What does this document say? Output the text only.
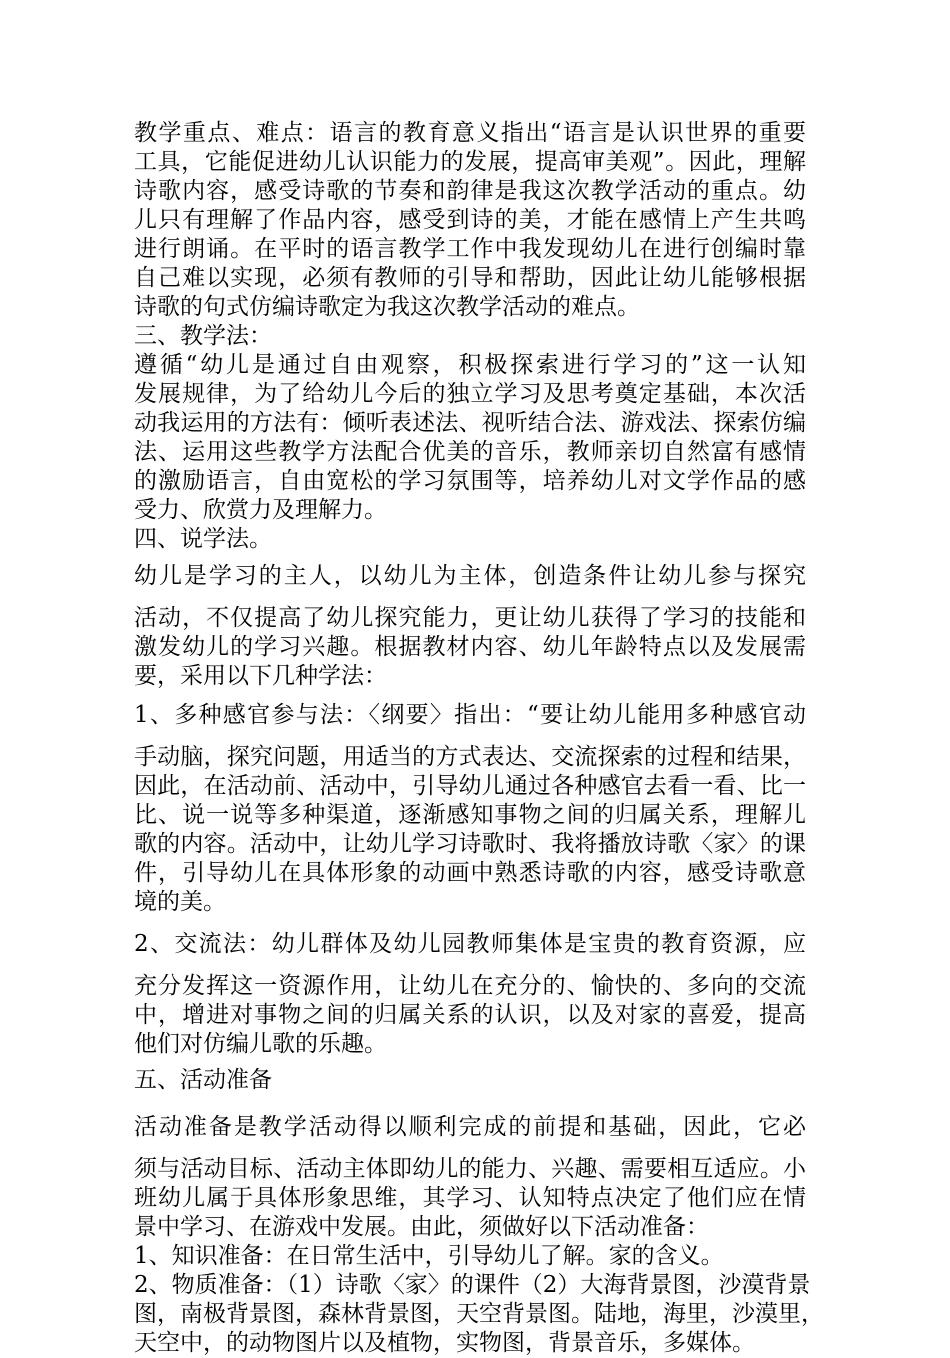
教学重点、难点：语言的教育意义指出“语言是认识世界的重要
工具，它能促进幼儿认识能力的发展，提高审美观”。因此，理解
诗歌内容，感受诗歌的节奏和韵律是我这次教学活动的重点。幼
儿只有理解了作品内容，感受到诗的美，才能在感情上产生共鸣
进行朗诵。在平时的语言教学工作中我发现幼儿在进行创编时靠
自己难以实现，必须有教师的引导和帮助，因此让幼儿能够根据
诗歌的句式仿编诗歌定为我这次教学活动的难点。
三、教学法：
遵循“幼儿是通过自由观察，积极探索进行学习的”这一认知
发展规律，为了给幼儿今后的独立学习及思考奠定基础，本次活
动我运用的方法有：倾听表述法、视听结合法、游戏法、探索仿编
法、运用这些教学方法配合优美的音乐，教师亲切自然富有感情
的激励语言，自由宽松的学习氛围等，培养幼儿对文学作品的感
受力、欣赏力及理解力。
四、说学法。
幼儿是学习的主人，以幼儿为主体，创造条件让幼儿参与探究
活动，不仅提高了幼儿探究能力，更让幼儿获得了学习的技能和
激发幼儿的学习兴趣。根据教材内容、幼儿年龄特点以及发展需
要，采用以下几种学法：
1、多种感官参与法：〈纲要〉指出：“要让幼儿能用多种感官动
手动脑，探究问题，用适当的方式表达、交流探索的过程和结果，
因此，在活动前、活动中，引导幼儿通过各种感官去看一看、比一
比、说一说等多种渠道，逐渐感知事物之间的归属关系，理解儿
歌的内容。活动中，让幼儿学习诗歌时、我将播放诗歌〈家〉的课
件，引导幼儿在具体形象的动画中熟悉诗歌的内容，感受诗歌意
境的美。
2、交流法：幼儿群体及幼儿园教师集体是宝贵的教育资源，应
充分发挥这一资源作用，让幼儿在充分的、愉快的、多向的交流
中，增进对事物之间的归属关系的认识，以及对家的喜爱，提高
他们对仿编儿歌的乐趣。
五、活动准备
活动准备是教学活动得以顺利完成的前提和基础，因此，它必
须与活动目标、活动主体即幼儿的能力、兴趣、需要相互适应。小
班幼儿属于具体形象思维，其学习、认知特点决定了他们应在情
景中学习、在游戏中发展。由此，须做好以下活动准备：
1、知识准备：在日常生活中，引导幼儿了解。家的含义。
2、物质准备：（1）诗歌〈家〉的课件（2）大海背景图，沙漠背景
图，南极背景图，森林背景图，天空背景图。陆地，海里，沙漠里，
天空中，的动物图片以及植物，实物图，背景音乐，多媒体。
